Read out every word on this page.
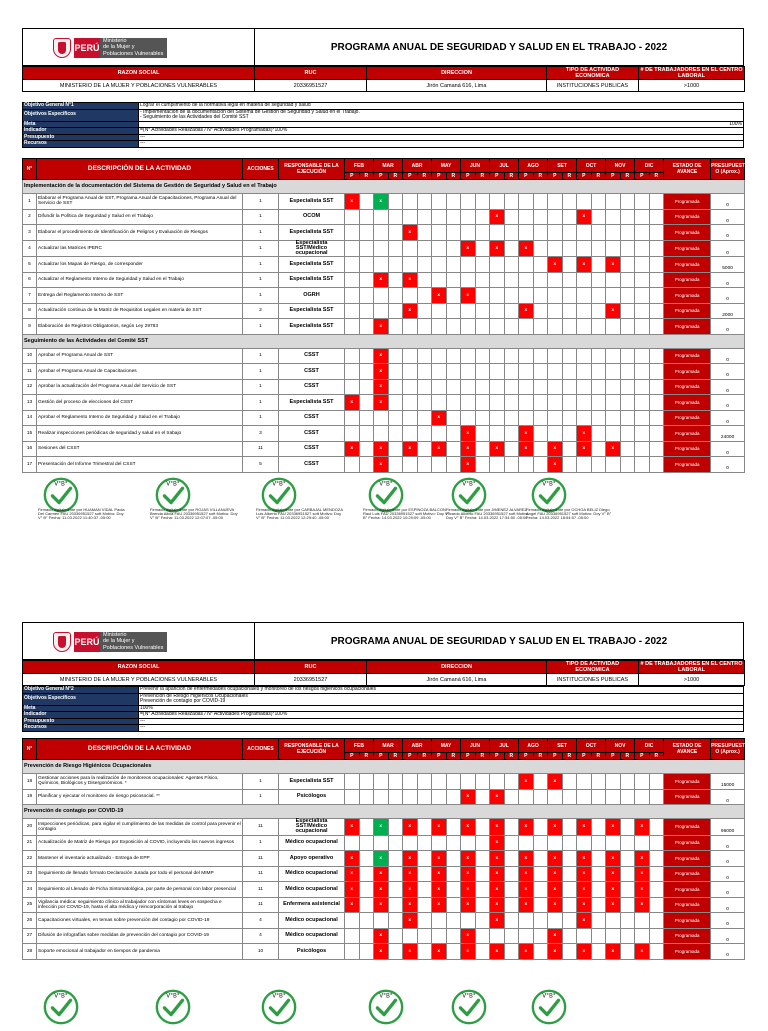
PERÚ
Ministerio
de la Mujer y
Poblaciones Vulnerables
PROGRAMA ANUAL DE SEGURIDAD Y SALUD EN EL TRABAJO - 2022
RAZON SOCIAL	RUC	DIRECCION	TIPO DE ACTIVIDAD ECONOMICA	# DE TRABAJADORES EN EL CENTRO LABORAL
MINISTERIO DE LA MUJER Y POBLACIONES VULNERABLES	20336951527	Jirón Camaná 616, Lima	INSTITUCIONES PUBLICAS	>1000
Objetivo General N°1	Lograr el cumplimiento de la normativa legal en materia de seguridad y salud
Objetivos Especificos	- Implementación de la documentación del Sistema de Gestión de Seguridad y Salud en el Trabajo.
- Seguimiento de las Actividades del Comité SST
Meta	100%
Indicador	=(N° Actividades Realizadas / N° Actividades Programadas)*100%
Presupuesto	---
Recursos	---
N°	DESCRIPCIÓN DE LA ACTIVIDAD	ACCIONES	RESPONSABLE DE LA EJECUCIÓN	FEB		MAR		ABR		MAY		JUN		JUL		AGO		SET		OCT		NOV		DIC		ESTADO DE AVANCE	PRESUPUEST O (Aprox.)
				P	R	P	R	P	R	P	R	P	R	P	R	P	R	P	R	P	R	P	R	P	R		
Implementación de la documentación del Sistema de Gestión de Seguridad y Salud en el Trabajo																											
1	Elaborar el Programa Anual de SST, Programa Anual de Capacitaciones, Programa Anual del Servicio de SST	1	Especialista SST	x		x																				Programada	0
2	Difundir la Política de Seguridad y Salud en el Trabajo	1	OCOM											x						x						Programada	0
3	Elaborar el procedimiento de Identificación de Peligros y Evaluación de Riesgos	1	Especialista SST					x																		Programada	0
4	Actualizar las Matrices IPERC	1	Especialista SST/Médico ocupacional									x		x		x										Programada	0
5	Actualizar los Mapas de Riesgo, de corresponder	1	Especialista SST															x		x		x				Programada	5000
6	Actualizar el Reglamento Interno de Seguridad y Salud en el Trabajo	1	Especialista SST			x		x																		Programada	0
7	Entrega del Reglamento Interno de SST	1	OGRH							x		x														Programada	0
8	Actualización continua de la Matriz de Requisitos Legales en materia de SST	2	Especialista SST					x								x						x				Programada	2000
9	Elaboración de Registros Obligatorios, según Ley 29783	1	Especialista SST			x																				Programada	0
Seguimiento de las Actividades del Comité SST																											
10	Aprobar el Programa Anual de SST	1	CSST			x																				Programada	0
11	Aprobar el Programa Anual de Capacitaciones	1	CSST			x																				Programada	0
12	Aprobar la actualización del Programa Anual del Servicio de SST	1	CSST			x																				Programada	0
13	Gestión del proceso de elecciones del CSST	1	Especialista SST	x		x																				Programada	0
14	Aprobar el Reglamento Interno de Seguridad y Salud en el Trabajo	1	CSST							x																Programada	0
15	Realizar inspecciones periódicas de seguridad y salud en el trabajo	3	CSST									x				x				x						Programada	24000
16	Sesiones del CSST	11	CSST	x		x		x		x		x		x		x		x		x		x				Programada	0
17	Presentación del Informe Trimestral del CSST	5	CSST			x						x						x								Programada	0
V°B°
Firmado digitalmente por HUAMAN VIDAL Paola Del Carmen FAU 20336951527 soft Motivo: Doy V° B° Fecha: 11.03.2022 11:40:37 -05:00
V°B°
Firmado digitalmente por ROJAS VILLANUEVA Brenda Alicia FAU 20336951527 soft Motivo: Doy V° B° Fecha: 11.03.2022 12:07:07 -05:00
V°B°
Firmado digitalmente por CARBAJAL MENDOZA Luis Alberto FAU 20336951527 soft Motivo: Doy V° B° Fecha: 11.03.2022 12:29:40 -05:00
V°B°
Firmado digitalmente por ESPINOZA BALCON Raul Luis FAU 20336951527 soft Motivo: Doy V° B° Fecha: 14.03.2022 10:29:09 -05:00
V°B°
Firmado digitalmente por JIMENEZ ALVAREZ Ricardo Alberto FAU 20336951527 soft Motivo: Doy V° B° Fecha: 14.03.2022 17:34:50 -05:00
V°B°
Firmado digitalmente por OCHOA BELIZ Diego Angel FAU 20336951527 soft Motivo: Doy V° B° Fecha: 14.03.2022 18:54:57 -05:00
PERÚ
Ministerio
de la Mujer y
Poblaciones Vulnerables
PROGRAMA ANUAL DE SEGURIDAD Y SALUD EN EL TRABAJO - 2022
RAZON SOCIAL	RUC	DIRECCION	TIPO DE ACTIVIDAD ECONOMICA	# DE TRABAJADORES EN EL CENTRO LABORAL
MINISTERIO DE LA MUJER Y POBLACIONES VULNERABLES	20336951527	Jirón Camaná 616, Lima	INSTITUCIONES PUBLICAS	>1000
Objetivo General N°2	Prevenir la aparición de enfermedades ocupacionales y monitoreo de los riesgos higiénicos ocupacionales
Objetivos Especificos	Prevención de Riesgo Higiénicos Ocupacionales
Prevención de contagio por COVID-19
Meta	100%
Indicador	=(N° Actividades Realizadas / N° Actividades Programadas)*100%
Presupuesto	---
Recursos	---
N°	DESCRIPCIÓN DE LA ACTIVIDAD	ACCIONES	RESPONSABLE DE LA EJECUCIÓN	FEB		MAR		ABR		MAY		JUN		JUL		AGO		SET		OCT		NOV		DIC		ESTADO DE AVANCE	PRESUPUEST O (Aprox.)
				P	R	P	R	P	R	P	R	P	R	P	R	P	R	P	R	P	R	P	R	P	R		
Prevención de Riesgo Higiénicos Ocupacionales																											
18	Gestionar acciones para la realización de monitoreos ocupacionales: Agentes Físico, Químicos, Biológicos y Disergonómicos. *	1	Especialista SST													x		x								Programada	15000
19	Planificar y ejecutar el monitoreo de riesgo psicosocial. **	1	Psicólogos									x		x												Programada	0
Prevención de contagio por COVID-19																											
20	Inspecciones periódicas, para vigilar el cumplimiento de las medidas de control para prevenir el contagio	11	Especialista SST/Médico ocupacional	x		x		x		x		x		x		x		x		x		x		x		Programada	96000
21	Actualización de Matriz de Riesgo por Exposición al COVID, incluyendo los nuevos ingresos	1	Médico ocupacional											x												Programada	0
22	Mantener el inventario actualizado - Entrega de EPP	11	Apoyo operativo	x		x		x		x		x		x		x		x		x		x		x		Programada	0
23	Seguimiento de llenado formato Declaración Jurada por todo el personal del MIMP	11	Médico ocupacional	x		x		x		x		x		x		x		x		x		x		x		Programada	0
24	Seguimiento al Llenado de Ficha Sintomatológica, por parte de personal con labor presencial	11	Médico ocupacional	x		x		x		x		x		x		x		x		x		x		x		Programada	0
25	Vigilancia médica: seguimiento clínico al trabajador con síntomas leves en sospecha e infección por COVID-19, hasta el alta médica y reincorporación al trabajo	11	Enfermera asistencial	x		x		x		x		x		x		x		x		x		x		x		Programada	0
26	Capacitaciones virtuales, en temas sobre prevención del contagio por COVID-19	4	Médico ocupacional					x						x						x						Programada	0
27	Difusión de infografías sobre medidas de prevención del contagio por COVID-19	4	Médico ocupacional			x						x						x								Programada	0
28	Soporte emocional al trabajador en tiempos de pandemia	10	Psicólogos			x		x		x		x		x		x		x		x		x		x		Programada	0
V°B°	V°B°	V°B°	V°B°	V°B°	V°B°
